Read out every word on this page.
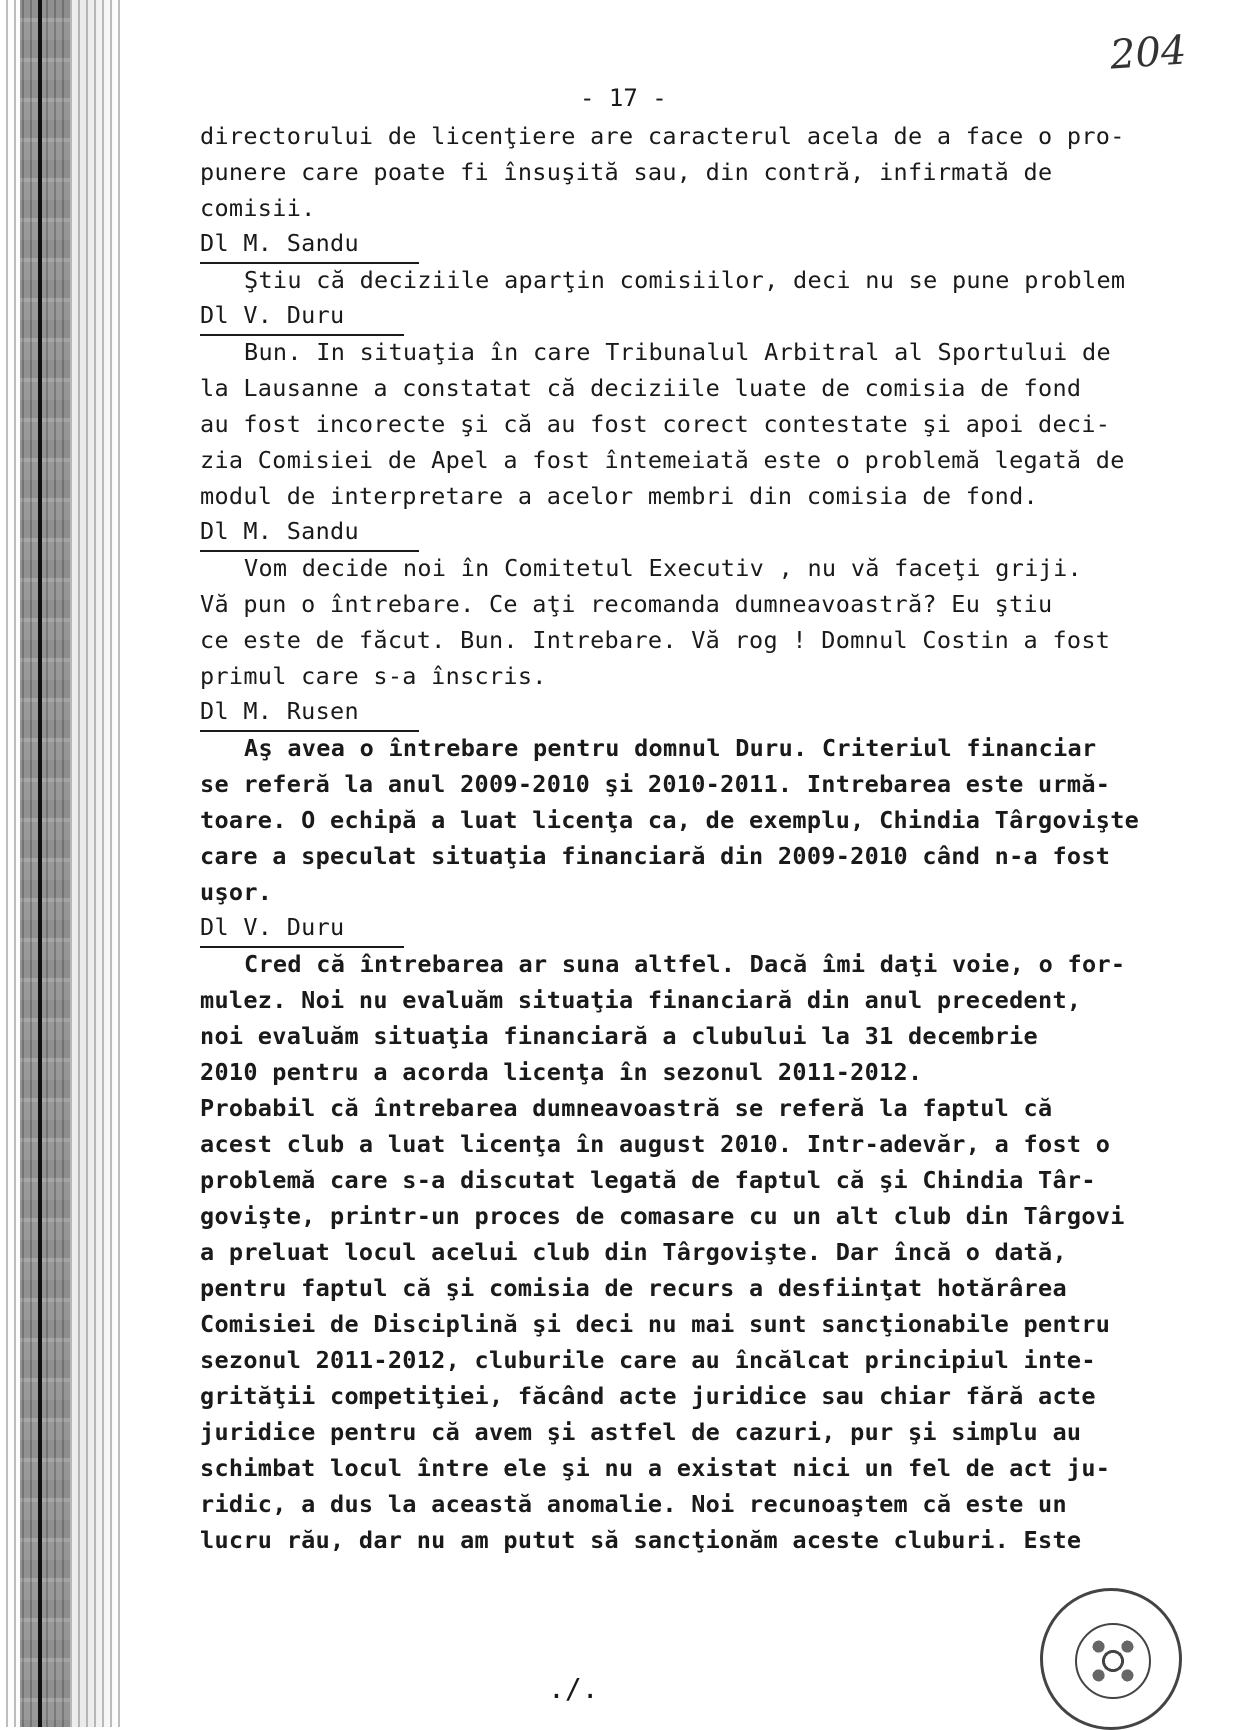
204
- 17 -
directorului de licenţiere are caracterul acela de a face o pro-
punere care poate fi însuşită sau, din contră, infirmată de
comisii.
Dl M. Sandu
Ştiu că deciziile aparţin comisiilor, deci nu se pune problem
Dl V. Duru
Bun. In situaţia în care Tribunalul Arbitral al Sportului de
la Lausanne a constatat că deciziile luate de comisia de fond
au fost incorecte şi că au fost corect contestate şi apoi deci-
zia Comisiei de Apel a fost întemeiată este o problemă legată de
modul de interpretare a acelor membri din comisia de fond.
Dl M. Sandu
Vom decide noi în Comitetul Executiv , nu vă faceţi griji.
Vă pun o întrebare. Ce aţi recomanda dumneavoastră? Eu ştiu
ce este de făcut. Bun. Intrebare. Vă rog ! Domnul Costin a fost
primul care s-a înscris.
Dl M. Rusen
Aş avea o întrebare pentru domnul Duru. Criteriul financiar
se referă la anul 2009-2010 şi 2010-2011. Intrebarea este urmă-
toare. O echipă a luat licenţa ca, de exemplu, Chindia Târgovişte
care a speculat situaţia financiară din 2009-2010 când n-a fost
uşor.
Dl V. Duru
Cred că întrebarea ar suna altfel. Dacă îmi daţi voie, o for-
mulez. Noi nu evaluăm situaţia financiară din anul precedent,
noi evaluăm situaţia financiară a clubului la 31 decembrie
2010 pentru a acorda licenţa în sezonul 2011-2012.
Probabil că întrebarea dumneavoastră se referă la faptul că
acest club a luat licenţa în august 2010. Intr-adevăr, a fost o
problemă care s-a discutat legată de faptul că şi Chindia Târ-
govişte, printr-un proces de comasare cu un alt club din Târgovi
a preluat locul acelui club din Târgovişte. Dar încă o dată,
pentru faptul că şi comisia de recurs a desfiinţat hotărârea
Comisiei de Disciplină şi deci nu mai sunt sancţionabile pentru
sezonul 2011-2012, cluburile care au încălcat principiul inte-
grităţii competiţiei, făcând acte juridice sau chiar fără acte
juridice pentru că avem şi astfel de cazuri, pur şi simplu au
schimbat locul între ele şi nu a existat nici un fel de act ju-
ridic, a dus la această anomalie. Noi recunoaştem că este un
lucru rău, dar nu am putut să sancţionăm aceste cluburi. Este
./.
